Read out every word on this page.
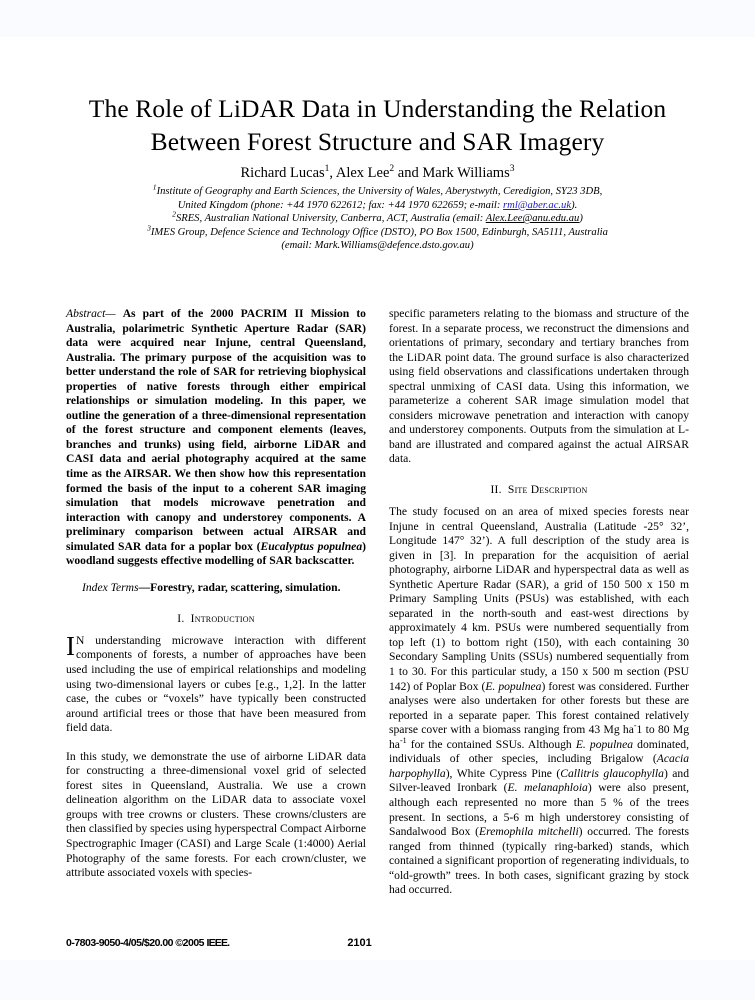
The Role of LiDAR Data in Understanding the Relation Between Forest Structure and SAR Imagery
Richard Lucas$^1$, Alex Lee$^2$ and Mark Williams$^3$
$^1$Institute of Geography and Earth Sciences, the University of Wales, Aberystwyth, Ceredigion, SY23 3DB,
United Kingdom (phone: +44 1970 622612; fax: +44 1970 622659; e-mail: rml@aber.ac.uk).
$^2$SRES, Australian National University, Canberra, ACT, Australia (email: Alex.Lee@anu.edu.au)
$^3$IMES Group, Defence Science and Technology Office (DSTO), PO Box 1500, Edinburgh, SA5111, Australia
(email: Mark.Williams@defence.dsto.gov.au)

Abstract— As part of the 2000 PACRIM II Mission to Australia, polarimetric Synthetic Aperture Radar (SAR) data were acquired near Injune, central Queensland, Australia. The primary purpose of the acquisition was to better understand the role of SAR for retrieving biophysical properties of native forests through either empirical relationships or simulation modeling. In this paper, we outline the generation of a three-dimensional representation of the forest structure and component elements (leaves, branches and trunks) using field, airborne LiDAR and CASI data and aerial photography acquired at the same time as the AIRSAR. We then show how this representation formed the basis of the input to a coherent SAR imaging simulation that models microwave penetration and interaction with canopy and understorey components. A preliminary comparison between actual AIRSAR and simulated SAR data for a poplar box (Eucalyptus populnea) woodland suggests effective modelling of SAR backscatter.

Index Terms—Forestry, radar, scattering, simulation.

I. Introduction

I N understanding microwave interaction with different components of forests, a number of approaches have been used including the use of empirical relationships and modeling using two-dimensional layers or cubes [e.g., 1,2]. In the latter case, the cubes or “voxels” have typically been constructed around artificial trees or those that have been measured from field data.

In this study, we demonstrate the use of airborne LiDAR data for constructing a three-dimensional voxel grid of selected forest sites in Queensland, Australia. We use a crown delineation algorithm on the LiDAR data to associate voxel groups with tree crowns or clusters. These crowns/clusters are then classified by species using hyperspectral Compact Airborne Spectrographic Imager (CASI) and Large Scale (1:4000) Aerial Photography of the same forests. For each crown/cluster, we attribute associated voxels with species-

specific parameters relating to the biomass and structure of the forest. In a separate process, we reconstruct the dimensions and orientations of primary, secondary and tertiary branches from the LiDAR point data. The ground surface is also characterized using field observations and classifications undertaken through spectral unmixing of CASI data. Using this information, we parameterize a coherent SAR image simulation model that considers microwave penetration and interaction with canopy and understorey components. Outputs from the simulation at L-band are illustrated and compared against the actual AIRSAR data.

II. Site Description

The study focused on an area of mixed species forests near Injune in central Queensland, Australia (Latitude -25° 32’, Longitude 147° 32’). A full description of the study area is given in [3]. In preparation for the acquisition of aerial photography, airborne LiDAR and hyperspectral data as well as Synthetic Aperture Radar (SAR), a grid of 150 500 x 150 m Primary Sampling Units (PSUs) was established, with each separated in the north-south and east-west directions by approximately 4 km. PSUs were numbered sequentially from top left (1) to bottom right (150), with each containing 30 Secondary Sampling Units (SSUs) numbered sequentially from 1 to 30. For this particular study, a 150 x 500 m section (PSU 142) of Poplar Box (E. populnea) forest was considered. Further analyses were also undertaken for other forests but these are reported in a separate paper. This forest contained relatively sparse cover with a biomass ranging from 43 Mg ha-1 to 80 Mg $ha^{-1}$ for the contained SSUs. Although E. populnea dominated, individuals of other species, including Brigalow (Acacia harpophylla), White Cypress Pine (Callitris glaucophylla) and Silver-leaved Ironbark (E. melanaphloia) were also present, although each represented no more than 5 % of the trees present. In sections, a 5-6 m high understorey consisting of Sandalwood Box (Eremophila mitchelli) occurred. The forests ranged from thinned (typically ring-barked) stands, which contained a significant proportion of regenerating individuals, to “old-growth” trees. In both cases, significant grazing by stock had occurred.

0-7803-9050-4/05/$20.00 ©2005 IEEE.	2101
